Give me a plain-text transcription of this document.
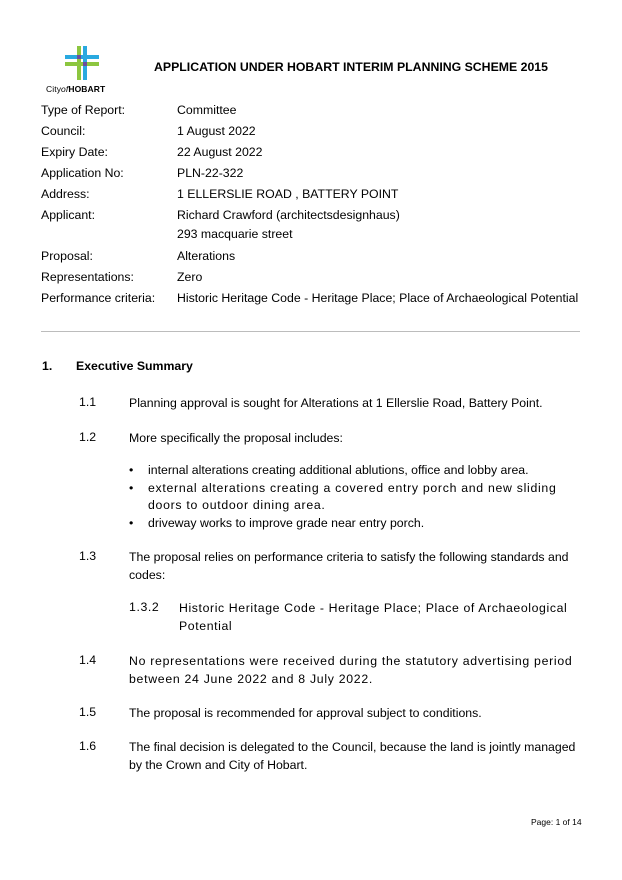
CityofHOBART
APPLICATION UNDER HOBART INTERIM PLANNING SCHEME 2015
Type of Report:	Committee
Council:	1 August 2022
Expiry Date:	22 August 2022
Application No:	PLN-22-322
Address:	1 ELLERSLIE ROAD , BATTERY POINT
Applicant:	Richard Crawford (architectsdesignhaus)
293 macquarie street
Proposal:	Alterations
Representations:	Zero
Performance criteria: Historic Heritage Code - Heritage Place; Place of Archaeological Potential
1. Executive Summary
1.1	Planning approval is sought for Alterations at 1 Ellerslie Road, Battery Point.
1.2	More specifically the proposal includes:
• internal alterations creating additional ablutions, office and lobby area.
• external alterations creating a covered entry porch and new sliding doors to outdoor dining area.
• driveway works to improve grade near entry porch.
1.3	The proposal relies on performance criteria to satisfy the following standards and codes:
1.3.2 Historic Heritage Code - Heritage Place; Place of Archaeological Potential
1.4	No representations were received during the statutory advertising period between 24 June 2022 and 8 July 2022.
1.5	The proposal is recommended for approval subject to conditions.
1.6	The final decision is delegated to the Council, because the land is jointly managed by the Crown and City of Hobart.
Page: 1 of 14
